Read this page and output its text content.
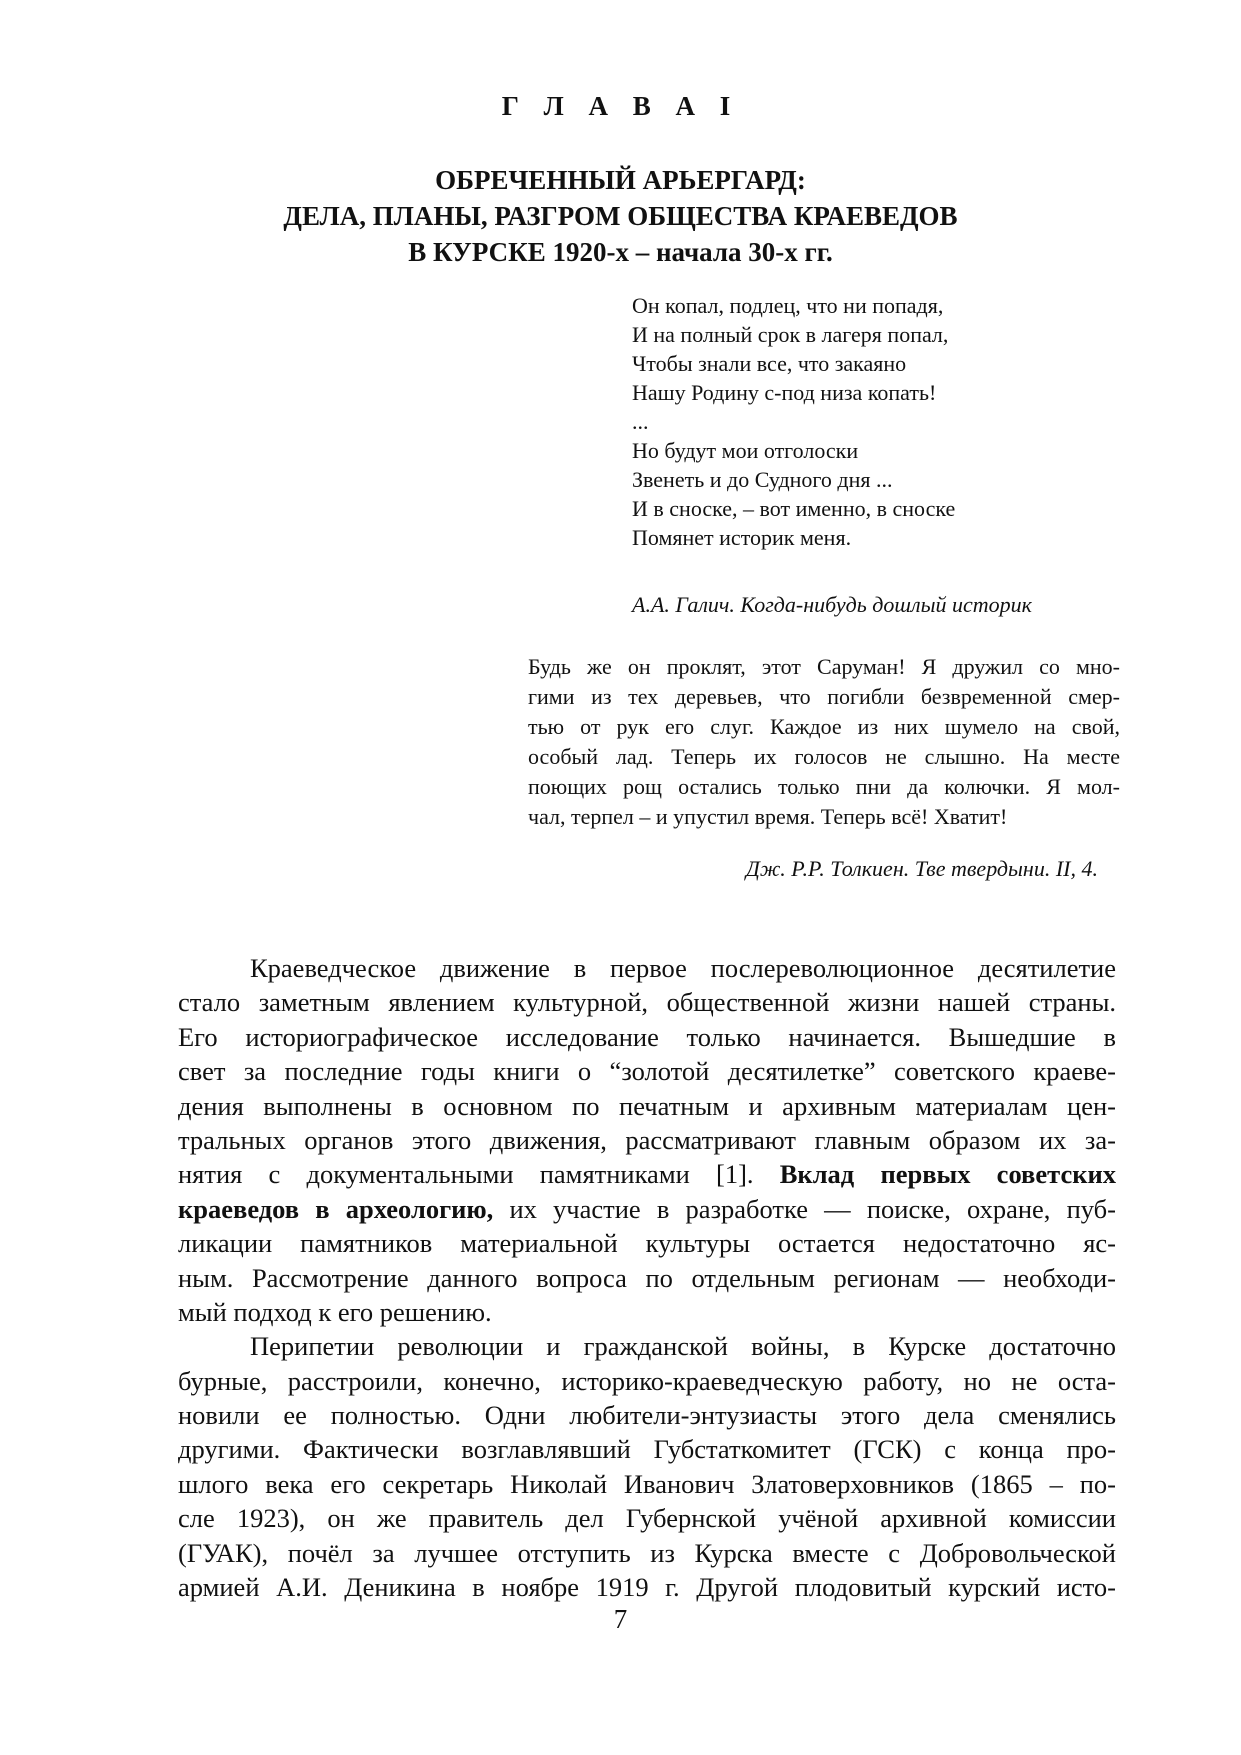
Г Л А В А I
ОБРЕЧЕННЫЙ АРЬЕРГАРД:
ДЕЛА, ПЛАНЫ, РАЗГРОМ ОБЩЕСТВА КРАЕВЕДОВ
В КУРСКЕ 1920-х – начала 30-х гг.
Он копал, подлец, что ни попадя,
И на полный срок в лагеря попал,
Чтобы знали все, что закаяно
Нашу Родину с-под низа копать!
...
Но будут мои отголоски
Звенеть и до Судного дня ...
И в сноске, – вот именно, в сноске
Помянет историк меня.
А.А. Галич. Когда-нибудь дошлый историк
Будь же он проклят, этот Саруман! Я дружил со мно-
гими из тех деревьев, что погибли безвременной смер-
тью от рук его слуг. Каждое из них шумело на свой,
особый лад. Теперь их голосов не слышно. На месте
поющих рощ остались только пни да колючки. Я мол-
чал, терпел – и упустил время. Теперь всё! Хватит!
Дж. Р.Р. Толкиен. Тве твердыни. II, 4.
Краеведческое движение в первое послереволюционное десятилетие
стало заметным явлением культурной, общественной жизни нашей страны.
Его историографическое исследование только начинается. Вышедшие в
свет за последние годы книги о “золотой десятилетке” советского краеве-
дения выполнены в основном по печатным и архивным материалам цен-
тральных органов этого движения, рассматривают главным образом их за-
нятия с документальными памятниками [1]. Вклад первых советских
краеведов в археологию, их участие в разработке — поиске, охране, пуб-
ликации памятников материальной культуры остается недостаточно яс-
ным. Рассмотрение данного вопроса по отдельным регионам — необходи-
мый подход к его решению.
Перипетии революции и гражданской войны, в Курске достаточно
бурные, расстроили, конечно, историко-краеведческую работу, но не оста-
новили ее полностью. Одни любители-энтузиасты этого дела сменялись
другими. Фактически возглавлявший Губстаткомитет (ГСК) с конца про-
шлого века его секретарь Николай Иванович Златоверховников (1865 – по-
сле 1923), он же правитель дел Губернской учёной архивной комиссии
(ГУАК), почёл за лучшее отступить из Курска вместе с Добровольческой
армией А.И. Деникина в ноябре 1919 г. Другой плодовитый курский исто-
7
